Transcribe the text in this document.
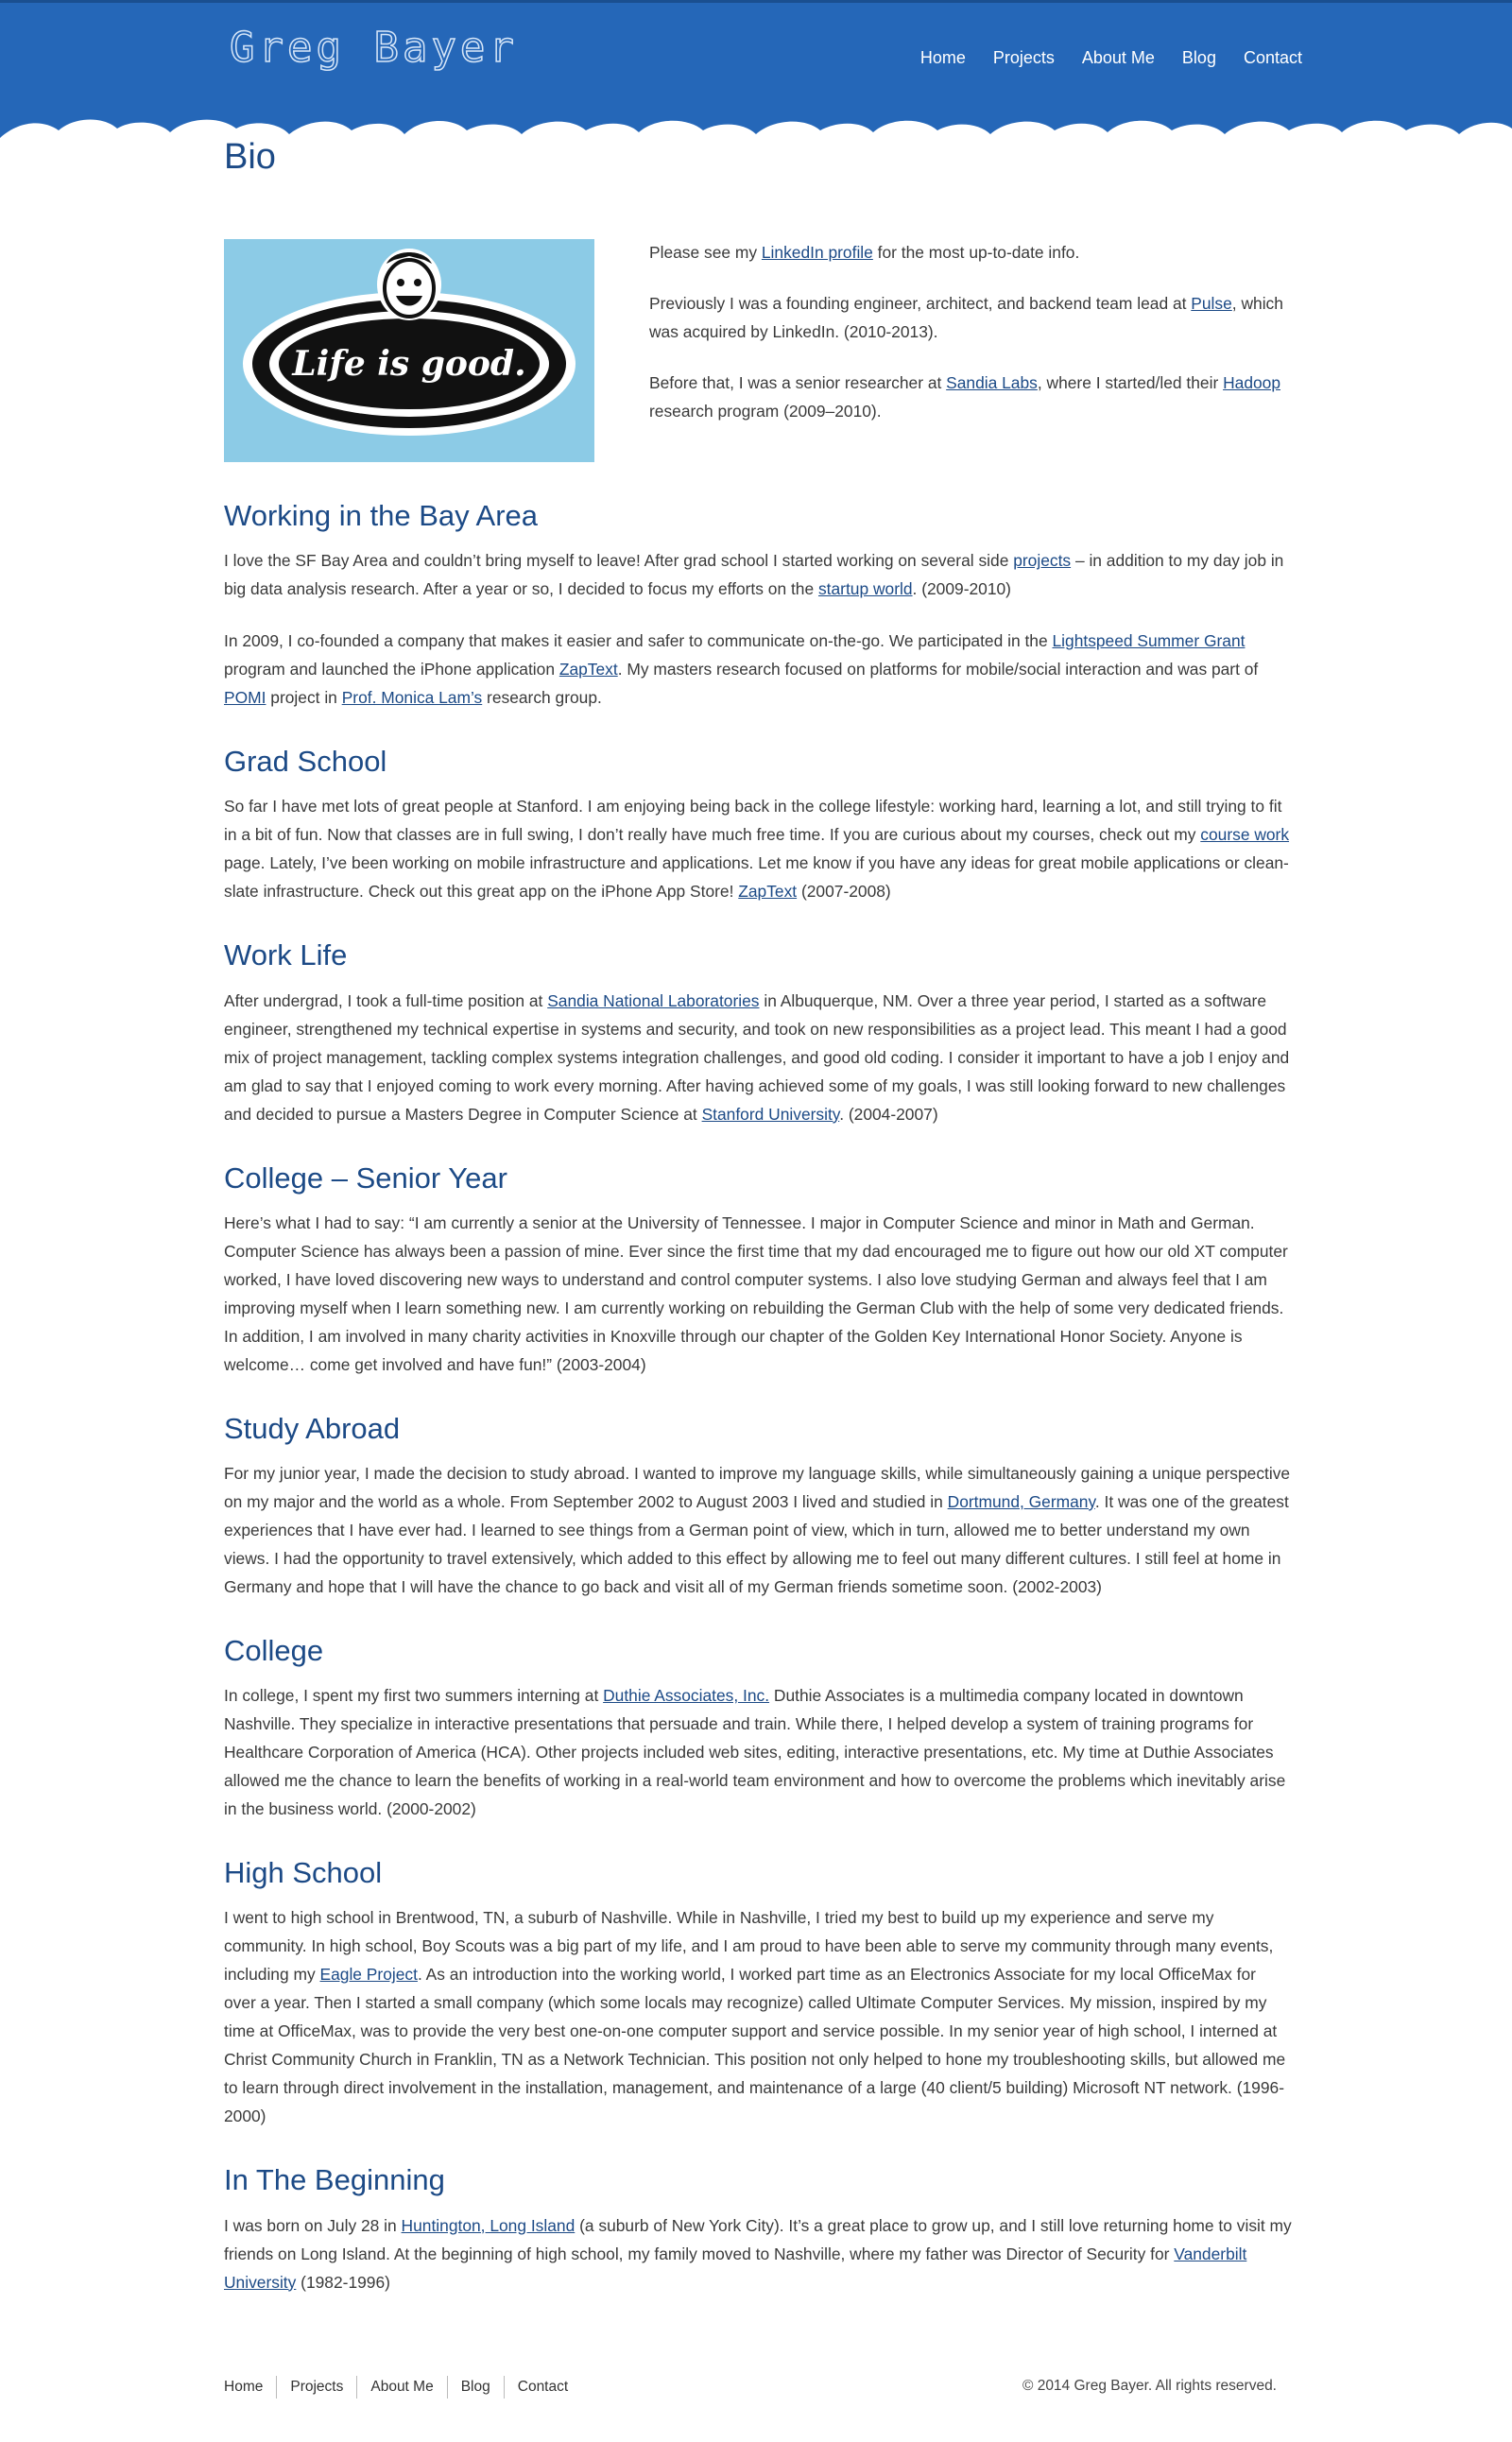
Greg Bayer	Home Projects About Me Blog Contact
Bio
Life is good.

Please see my LinkedIn profile for the most up-to-date info.

Previously I was a founding engineer, architect, and backend team lead at Pulse, which was acquired by LinkedIn. (2010-2013).

Before that, I was a senior researcher at Sandia Labs, where I started/led their Hadoop research program (2009–2010).

Working in the Bay Area

I love the SF Bay Area and couldn’t bring myself to leave! After grad school I started working on several side projects – in addition to my day job in big data analysis research. After a year or so, I decided to focus my efforts on the startup world. (2009-2010)

In 2009, I co-founded a company that makes it easier and safer to communicate on-the-go. We participated in the Lightspeed Summer Grant program and launched the iPhone application ZapText. My masters research focused on platforms for mobile/social interaction and was part of POMI project in Prof. Monica Lam’s research group.

Grad School

So far I have met lots of great people at Stanford. I am enjoying being back in the college lifestyle: working hard, learning a lot, and still trying to fit in a bit of fun. Now that classes are in full swing, I don’t really have much free time. If you are curious about my courses, check out my course work page. Lately, I’ve been working on mobile infrastructure and applications. Let me know if you have any ideas for great mobile applications or clean-slate infrastructure. Check out this great app on the iPhone App Store! ZapText (2007-2008)

Work Life

After undergrad, I took a full-time position at Sandia National Laboratories in Albuquerque, NM. Over a three year period, I started as a software engineer, strengthened my technical expertise in systems and security, and took on new responsibilities as a project lead. This meant I had a good mix of project management, tackling complex systems integration challenges, and good old coding. I consider it important to have a job I enjoy and am glad to say that I enjoyed coming to work every morning. After having achieved some of my goals, I was still looking forward to new challenges and decided to pursue a Masters Degree in Computer Science at Stanford University. (2004-2007)

College – Senior Year

Here’s what I had to say: “I am currently a senior at the University of Tennessee. I major in Computer Science and minor in Math and German. Computer Science has always been a passion of mine. Ever since the first time that my dad encouraged me to figure out how our old XT computer worked, I have loved discovering new ways to understand and control computer systems. I also love studying German and always feel that I am improving myself when I learn something new. I am currently working on rebuilding the German Club with the help of some very dedicated friends. In addition, I am involved in many charity activities in Knoxville through our chapter of the Golden Key International Honor Society. Anyone is welcome… come get involved and have fun!” (2003-2004)

Study Abroad

For my junior year, I made the decision to study abroad. I wanted to improve my language skills, while simultaneously gaining a unique perspective on my major and the world as a whole. From September 2002 to August 2003 I lived and studied in Dortmund, Germany. It was one of the greatest experiences that I have ever had. I learned to see things from a German point of view, which in turn, allowed me to better understand my own views. I had the opportunity to travel extensively, which added to this effect by allowing me to feel out many different cultures. I still feel at home in Germany and hope that I will have the chance to go back and visit all of my German friends sometime soon. (2002-2003)

College

In college, I spent my first two summers interning at Duthie Associates, Inc. Duthie Associates is a multimedia company located in downtown Nashville. They specialize in interactive presentations that persuade and train. While there, I helped develop a system of training programs for Healthcare Corporation of America (HCA). Other projects included web sites, editing, interactive presentations, etc. My time at Duthie Associates allowed me the chance to learn the benefits of working in a real-world team environment and how to overcome the problems which inevitably arise in the business world. (2000-2002)

High School

I went to high school in Brentwood, TN, a suburb of Nashville. While in Nashville, I tried my best to build up my experience and serve my community. In high school, Boy Scouts was a big part of my life, and I am proud to have been able to serve my community through many events, including my Eagle Project. As an introduction into the working world, I worked part time as an Electronics Associate for my local OfficeMax for over a year. Then I started a small company (which some locals may recognize) called Ultimate Computer Services. My mission, inspired by my time at OfficeMax, was to provide the very best one-on-one computer support and service possible. In my senior year of high school, I interned at Christ Community Church in Franklin, TN as a Network Technician. This position not only helped to hone my troubleshooting skills, but allowed me to learn through direct involvement in the installation, management, and maintenance of a large (40 client/5 building) Microsoft NT network. (1996-2000)

In The Beginning

I was born on July 28 in Huntington, Long Island (a suburb of New York City). It’s a great place to grow up, and I still love returning home to visit my friends on Long Island. At the beginning of high school, my family moved to Nashville, where my father was Director of Security for Vanderbilt University (1982-1996)

Home	Projects	About Me	Blog	Contact	© 2014 Greg Bayer. All rights reserved.
